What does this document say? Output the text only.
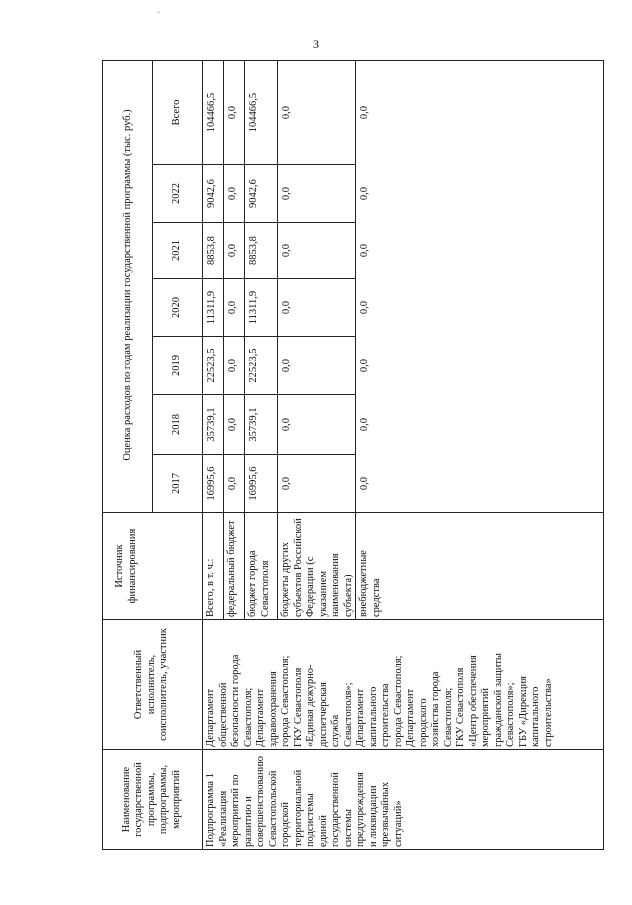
3
'
Наименование государственной программы, подпрограммы, мероприятий
Ответственный исполнитель, соисполнитель, участник
Источник финансирования
Оценка расходов по годам реализации государственной программы (тыс. руб.)
2017
2018
2019
2020
2021
2022
Всего
Подпрограмма 1
«Реализация мероприятий по
развитию и совершенствованию
Севастопольской городской
территориальной подсистемы
единой государственной системы
предупреждения
и ликвидации чрезвычайных
ситуаций»
Департамент
общественной
безопасности города
Севастополя;
Департамент
здравоохранения
города Севастополя;
ГКУ Севастополя
«Единая дежурно-
диспетчерская
служба
Севастополя»;
Департамент
капитального
строительства
города Севастополя;
Департамент
городского
хозяйства города
Севастополя;
ГКУ Севастополя
«Центр обеспечения
мероприятий
гражданской защиты
Севастополя»;
ГБУ «Дирекция
капитального
строительства»
Всего, в т. ч.: федеральный бюджет бюджет города
Севастополя бюджеты других
субъектов Российской
Федерации (с
указанием
наименования
субъекта) внебюджетные средства
16995,6
35739,1
22523,5
11311,9
8853,8
9042,6
104466,5
0,0
0,0
0,0
0,0
0,0
0,0
0,0
16995,6
35739,1
22523,5
11311,9
8853,8
9042,6
104466,5
0,0
0,0
0,0
0,0
0,0
0,0
0,0
0,0
0,0
0,0
0,0
0,0
0,0
0,0
